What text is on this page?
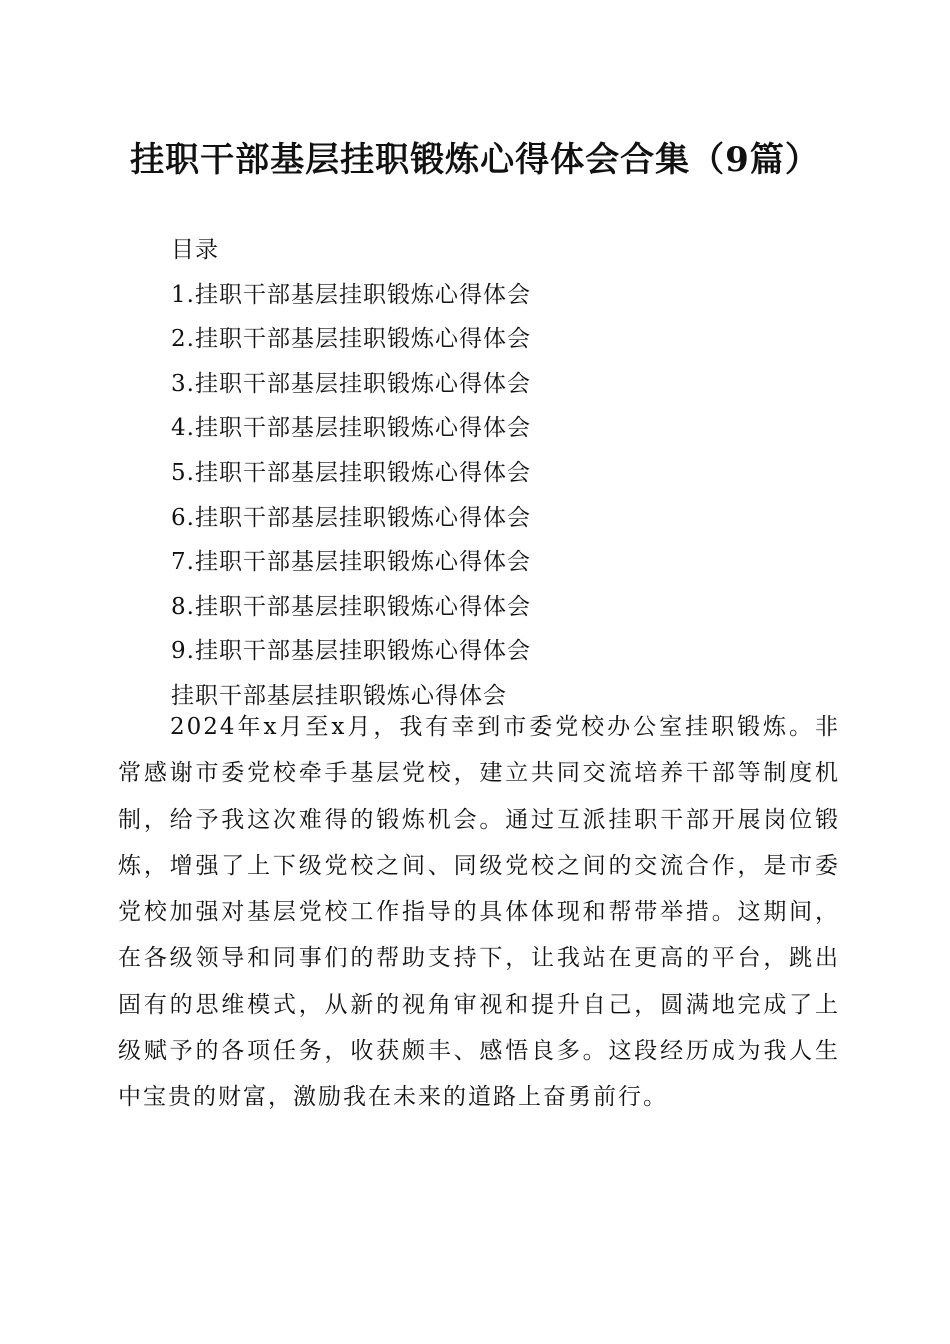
挂职干部基层挂职锻炼心得体会合集（9篇）
目录
1.挂职干部基层挂职锻炼心得体会
2.挂职干部基层挂职锻炼心得体会
3.挂职干部基层挂职锻炼心得体会
4.挂职干部基层挂职锻炼心得体会
5.挂职干部基层挂职锻炼心得体会
6.挂职干部基层挂职锻炼心得体会
7.挂职干部基层挂职锻炼心得体会
8.挂职干部基层挂职锻炼心得体会
9.挂职干部基层挂职锻炼心得体会
挂职干部基层挂职锻炼心得体会

2024年x月至x月，我有幸到市委党校办公室挂职锻炼。非常感谢市委党校牵手基层党校，建立共同交流培养干部等制度机制，给予我这次难得的锻炼机会。通过互派挂职干部开展岗位锻炼，增强了上下级党校之间、同级党校之间的交流合作，是市委党校加强对基层党校工作指导的具体体现和帮带举措。这期间，在各级领导和同事们的帮助支持下，让我站在更高的平台，跳出固有的思维模式，从新的视角审视和提升自己，圆满地完成了上级赋予的各项任务，收获颇丰、感悟良多。这段经历成为我人生中宝贵的财富，激励我在未来的道路上奋勇前行。
